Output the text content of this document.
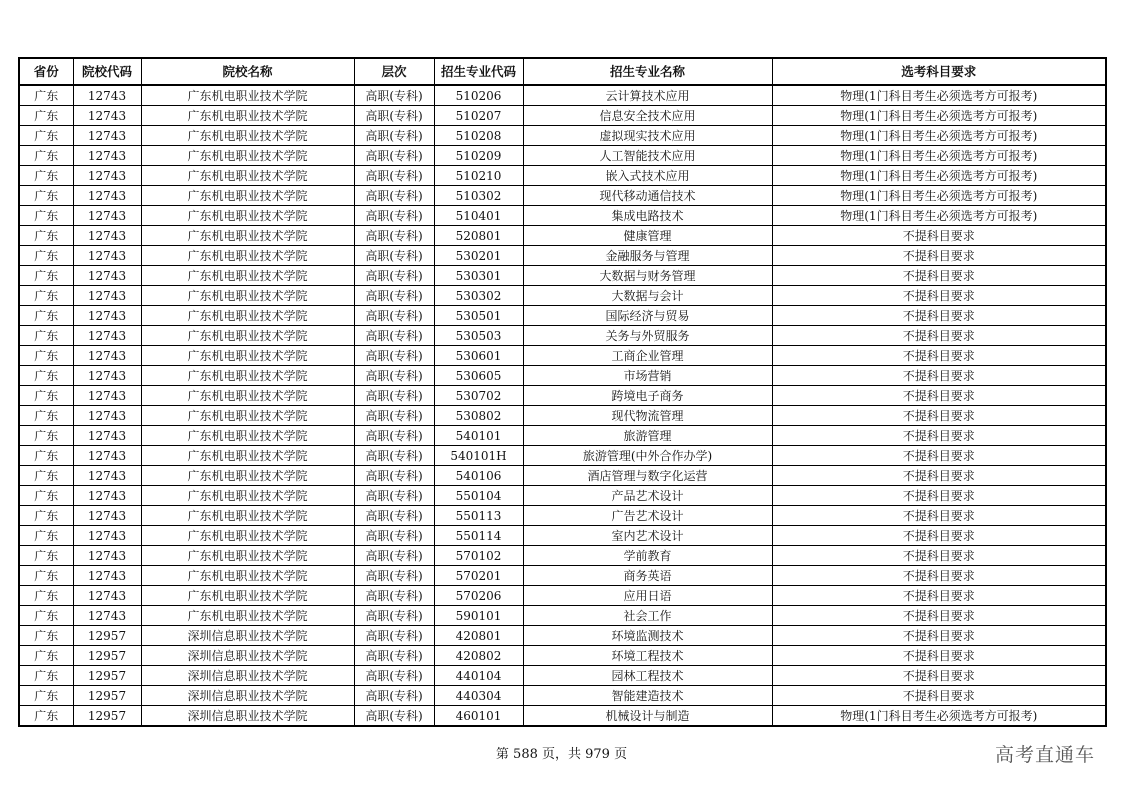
省份	院校代码	院校名称	层次	招生专业代码	招生专业名称	选考科目要求
广东	12743	广东机电职业技术学院	高职(专科)	510206	云计算技术应用	物理(1门科目考生必须选考方可报考)
广东	12743	广东机电职业技术学院	高职(专科)	510207	信息安全技术应用	物理(1门科目考生必须选考方可报考)
广东	12743	广东机电职业技术学院	高职(专科)	510208	虚拟现实技术应用	物理(1门科目考生必须选考方可报考)
广东	12743	广东机电职业技术学院	高职(专科)	510209	人工智能技术应用	物理(1门科目考生必须选考方可报考)
广东	12743	广东机电职业技术学院	高职(专科)	510210	嵌入式技术应用	物理(1门科目考生必须选考方可报考)
广东	12743	广东机电职业技术学院	高职(专科)	510302	现代移动通信技术	物理(1门科目考生必须选考方可报考)
广东	12743	广东机电职业技术学院	高职(专科)	510401	集成电路技术	物理(1门科目考生必须选考方可报考)
广东	12743	广东机电职业技术学院	高职(专科)	520801	健康管理	不提科目要求
广东	12743	广东机电职业技术学院	高职(专科)	530201	金融服务与管理	不提科目要求
广东	12743	广东机电职业技术学院	高职(专科)	530301	大数据与财务管理	不提科目要求
广东	12743	广东机电职业技术学院	高职(专科)	530302	大数据与会计	不提科目要求
广东	12743	广东机电职业技术学院	高职(专科)	530501	国际经济与贸易	不提科目要求
广东	12743	广东机电职业技术学院	高职(专科)	530503	关务与外贸服务	不提科目要求
广东	12743	广东机电职业技术学院	高职(专科)	530601	工商企业管理	不提科目要求
广东	12743	广东机电职业技术学院	高职(专科)	530605	市场营销	不提科目要求
广东	12743	广东机电职业技术学院	高职(专科)	530702	跨境电子商务	不提科目要求
广东	12743	广东机电职业技术学院	高职(专科)	530802	现代物流管理	不提科目要求
广东	12743	广东机电职业技术学院	高职(专科)	540101	旅游管理	不提科目要求
广东	12743	广东机电职业技术学院	高职(专科)	540101H	旅游管理(中外合作办学)	不提科目要求
广东	12743	广东机电职业技术学院	高职(专科)	540106	酒店管理与数字化运营	不提科目要求
广东	12743	广东机电职业技术学院	高职(专科)	550104	产品艺术设计	不提科目要求
广东	12743	广东机电职业技术学院	高职(专科)	550113	广告艺术设计	不提科目要求
广东	12743	广东机电职业技术学院	高职(专科)	550114	室内艺术设计	不提科目要求
广东	12743	广东机电职业技术学院	高职(专科)	570102	学前教育	不提科目要求
广东	12743	广东机电职业技术学院	高职(专科)	570201	商务英语	不提科目要求
广东	12743	广东机电职业技术学院	高职(专科)	570206	应用日语	不提科目要求
广东	12743	广东机电职业技术学院	高职(专科)	590101	社会工作	不提科目要求
广东	12957	深圳信息职业技术学院	高职(专科)	420801	环境监测技术	不提科目要求
广东	12957	深圳信息职业技术学院	高职(专科)	420802	环境工程技术	不提科目要求
广东	12957	深圳信息职业技术学院	高职(专科)	440104	园林工程技术	不提科目要求
广东	12957	深圳信息职业技术学院	高职(专科)	440304	智能建造技术	不提科目要求
广东	12957	深圳信息职业技术学院	高职(专科)	460101	机械设计与制造	物理(1门科目考生必须选考方可报考)
第 588 页，共 979 页	高考直通车
